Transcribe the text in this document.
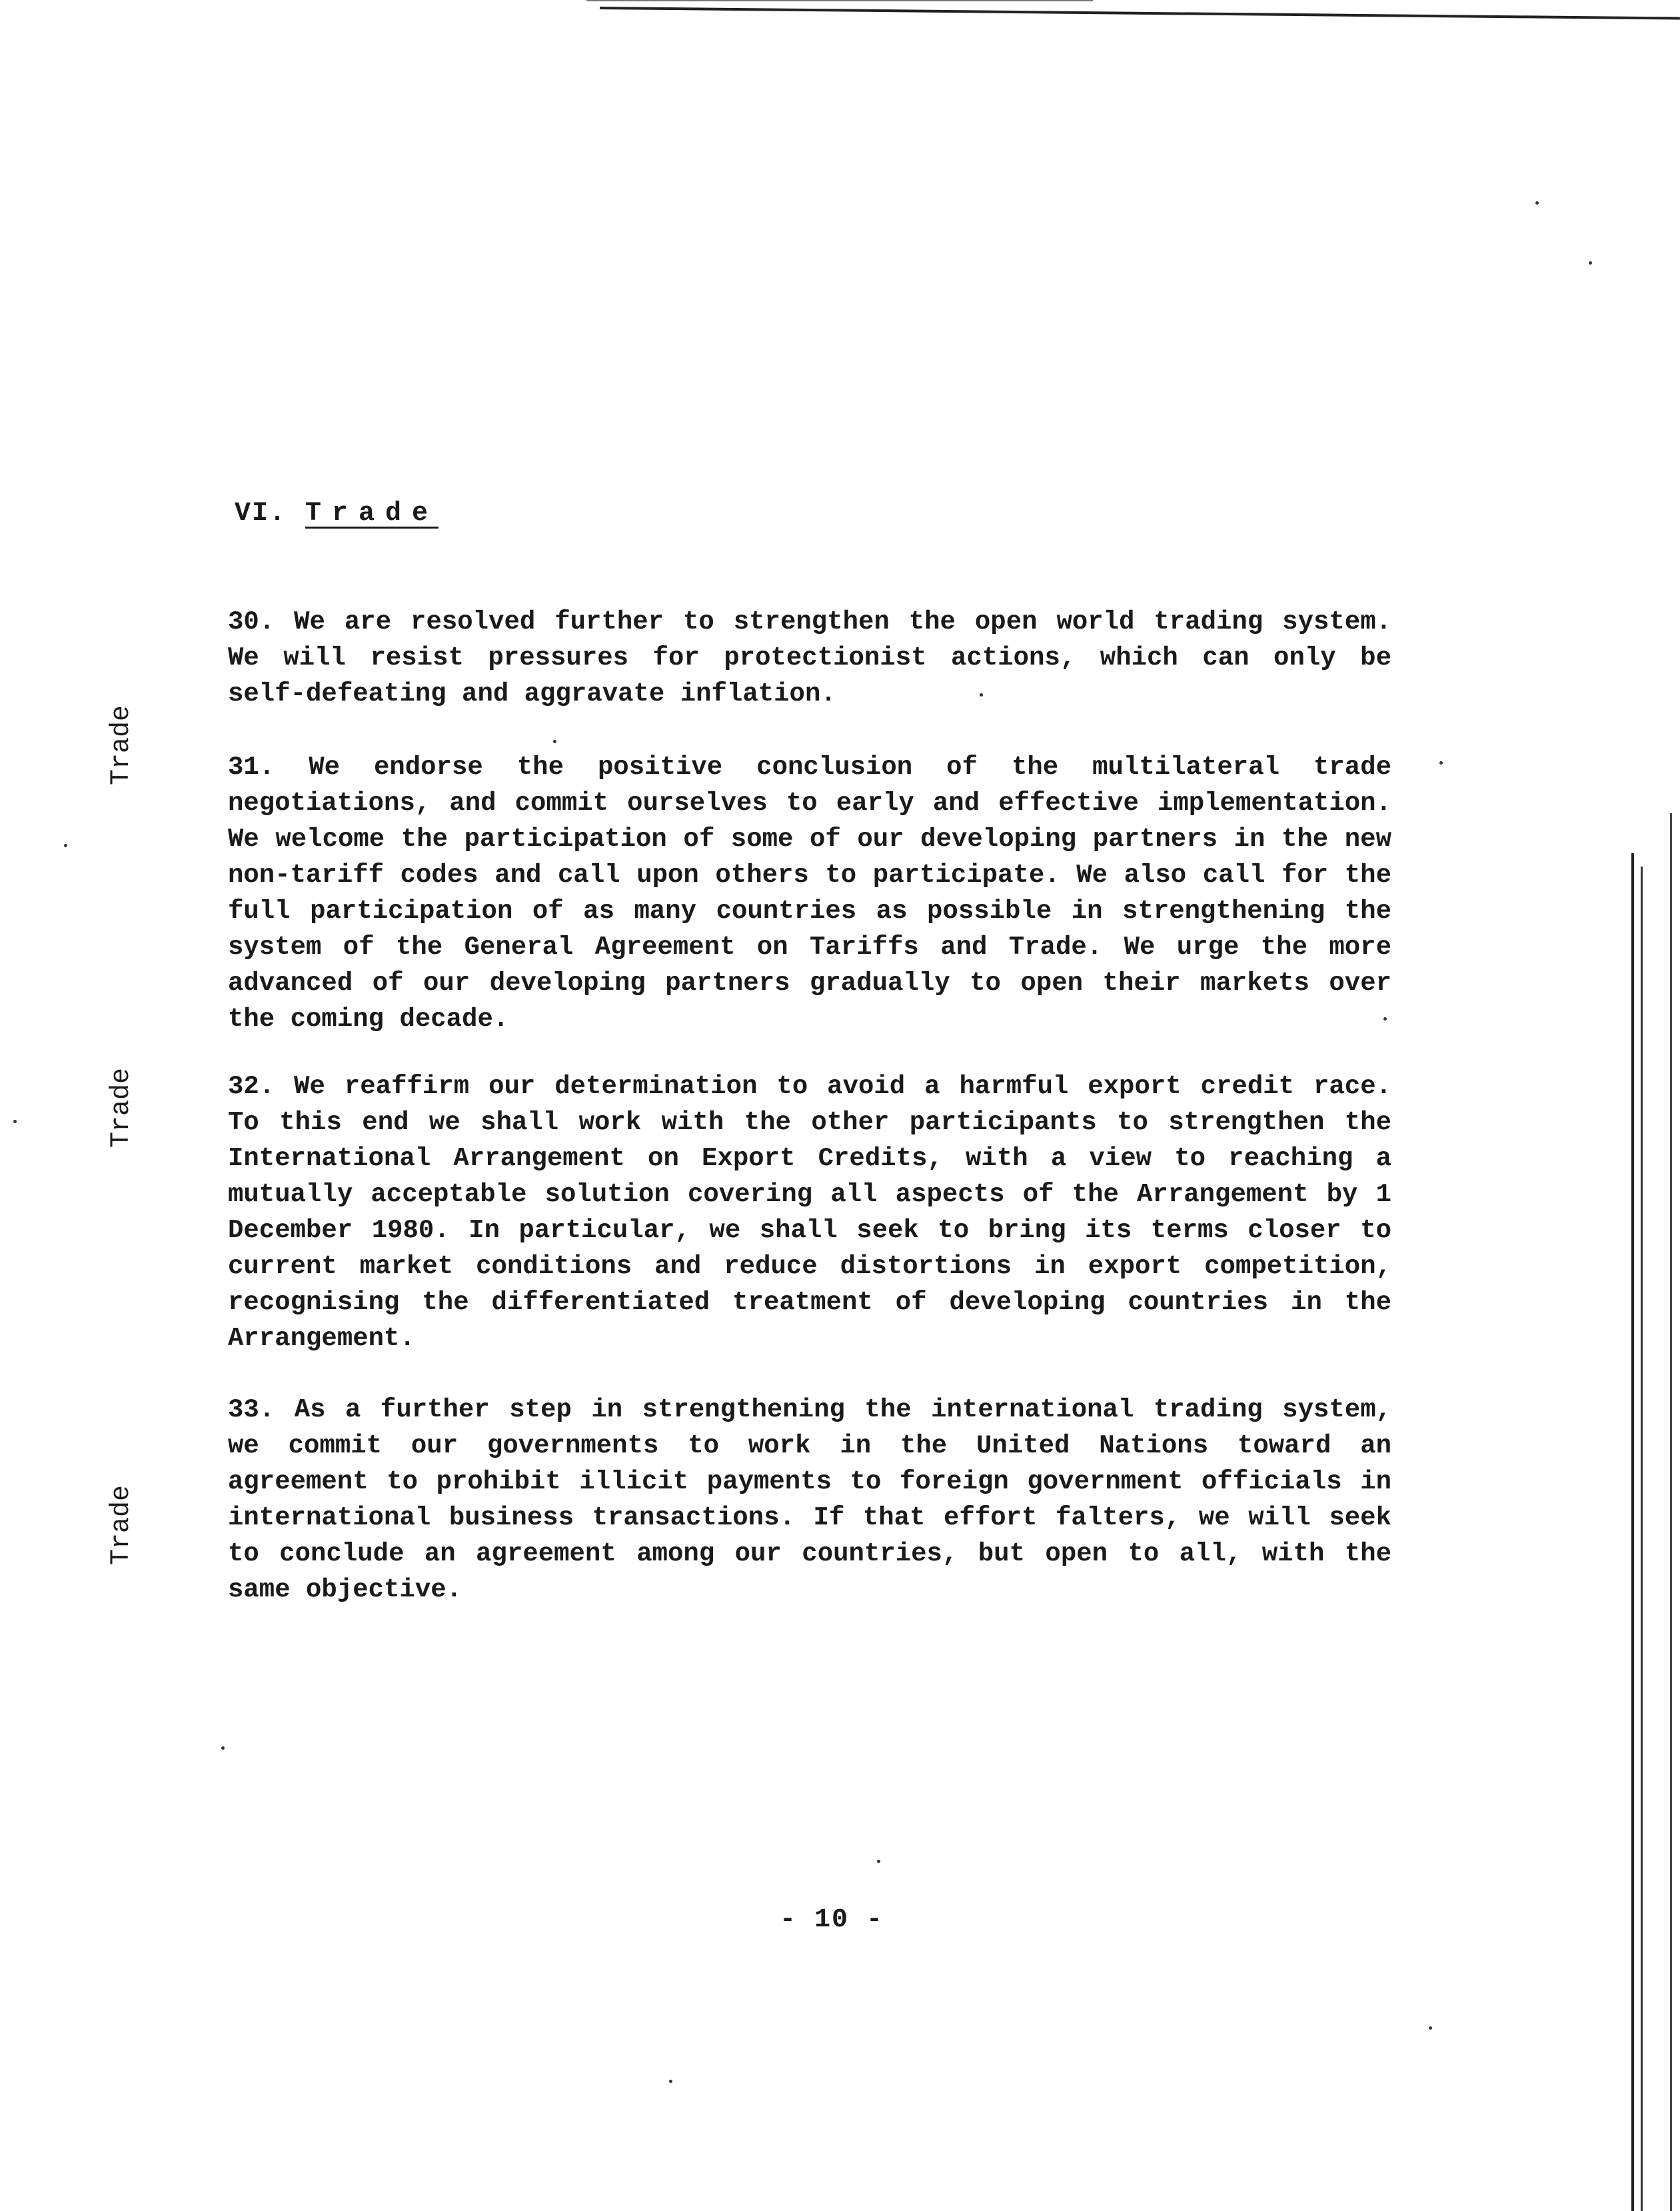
VI. Trade

30. We are resolved further to strengthen the open world trading system. We will resist pressures for protectionist actions, which can only be self-defeating and aggravate inflation.

31. We endorse the positive conclusion of the multilateral trade negotiations, and commit ourselves to early and effective implementation. We welcome the participation of some of our developing partners in the new non-tariff codes and call upon others to participate. We also call for the full participation of as many countries as possible in strengthening the system of the General Agreement on Tariffs and Trade. We urge the more advanced of our developing partners gradually to open their markets over the coming decade.

32. We reaffirm our determination to avoid a harmful export credit race. To this end we shall work with the other participants to strengthen the International Arrangement on Export Credits, with a view to reaching a mutually acceptable solution covering all aspects of the Arrangement by 1 December 1980. In particular, we shall seek to bring its terms closer to current market conditions and reduce distortions in export competition, recognising the differentiated treatment of developing countries in the Arrangement.

33. As a further step in strengthening the international trading system, we commit our governments to work in the United Nations toward an agreement to prohibit illicit payments to foreign government officials in international business transactions. If that effort falters, we will seek to conclude an agreement among our countries, but open to all, with the same objective.

Trade
Trade
Trade
- 10 -
